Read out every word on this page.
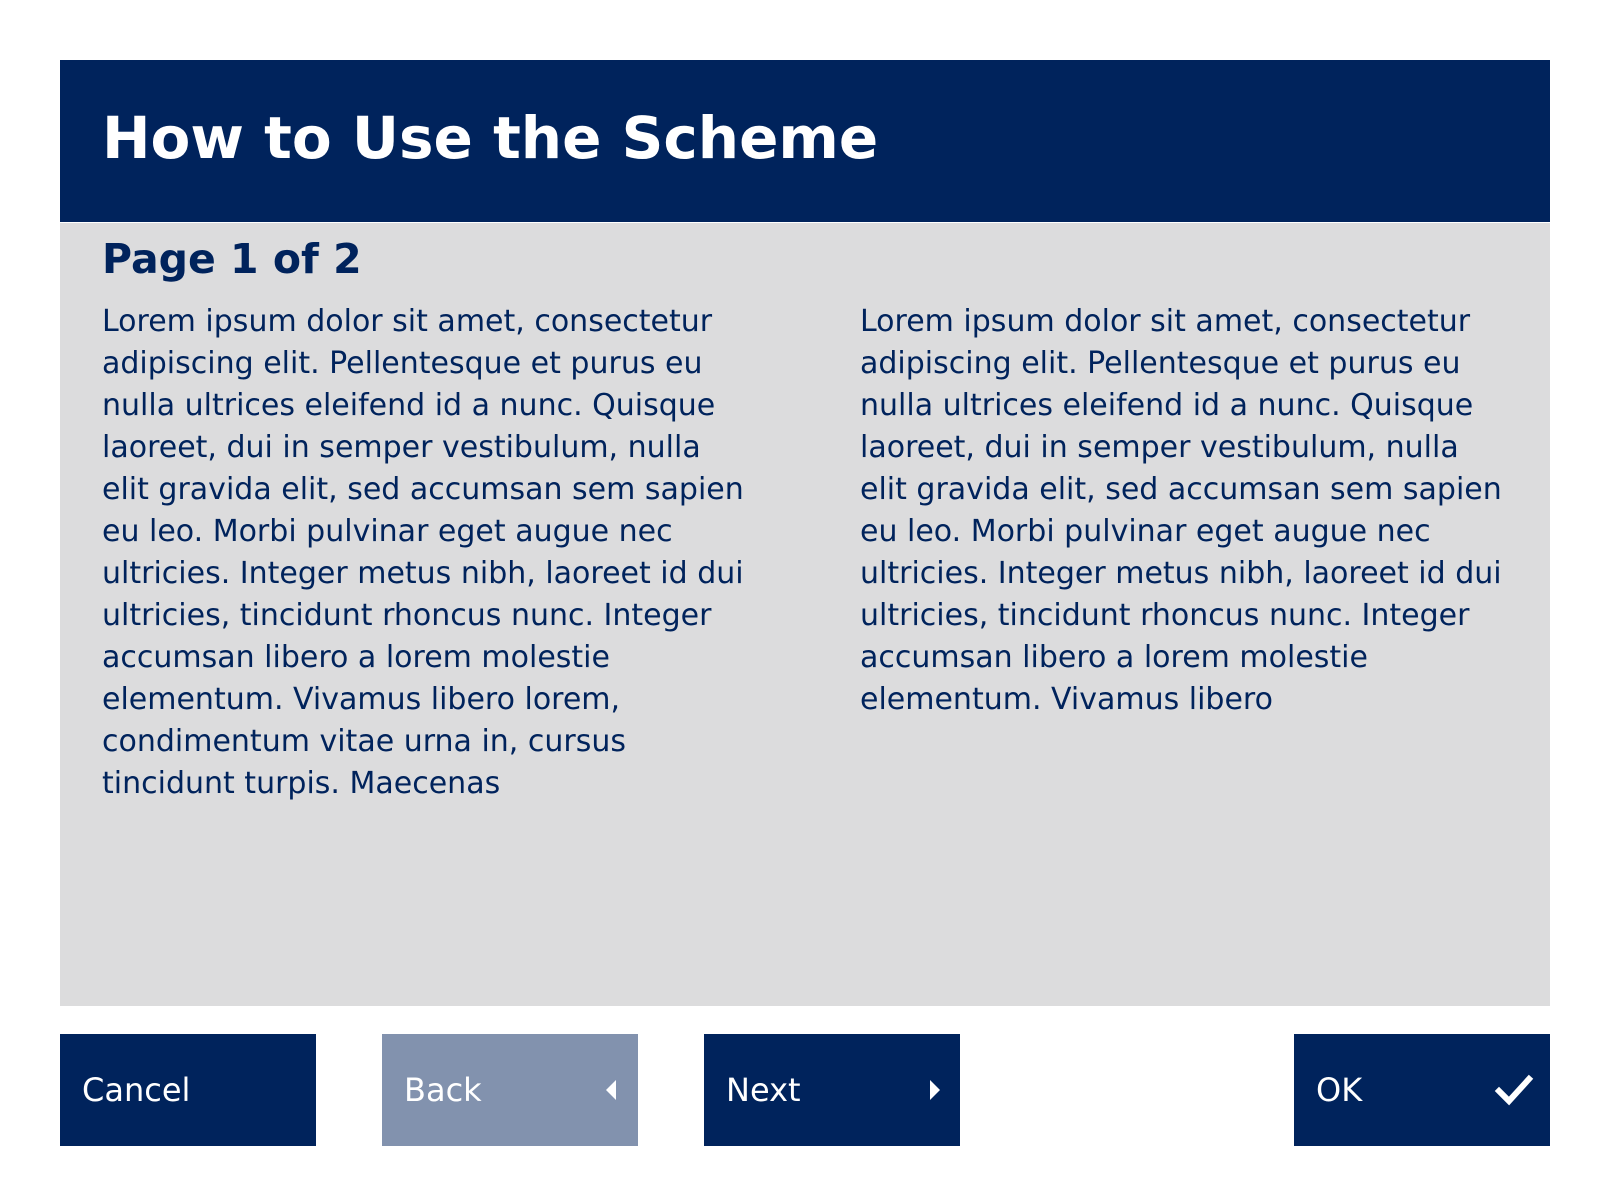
How to Use the Scheme
Page 1 of 2

Lorem ipsum dolor sit amet, consectetur adipiscing elit. Pellentesque et purus eu nulla ultrices eleifend id a nunc. Quisque laoreet, dui in semper vestibulum, nulla elit gravida elit, sed accumsan sem sapien eu leo. Morbi pulvinar eget augue nec ultricies. Integer metus nibh, laoreet id dui ultricies, tincidunt rhoncus nunc. Integer accumsan libero a lorem molestie elementum. Vivamus libero lorem, condimentum vitae urna in, cursus tincidunt turpis. Maecenas

Lorem ipsum dolor sit amet, consectetur adipiscing elit. Pellentesque et purus eu nulla ultrices eleifend id a nunc. Quisque laoreet, dui in semper vestibulum, nulla elit gravida elit, sed accumsan sem sapien eu leo. Morbi pulvinar eget augue nec ultricies. Integer metus nibh, laoreet id dui ultricies, tincidunt rhoncus nunc. Integer accumsan libero a lorem molestie elementum. Vivamus libero

Cancel	Back	Next	OK
